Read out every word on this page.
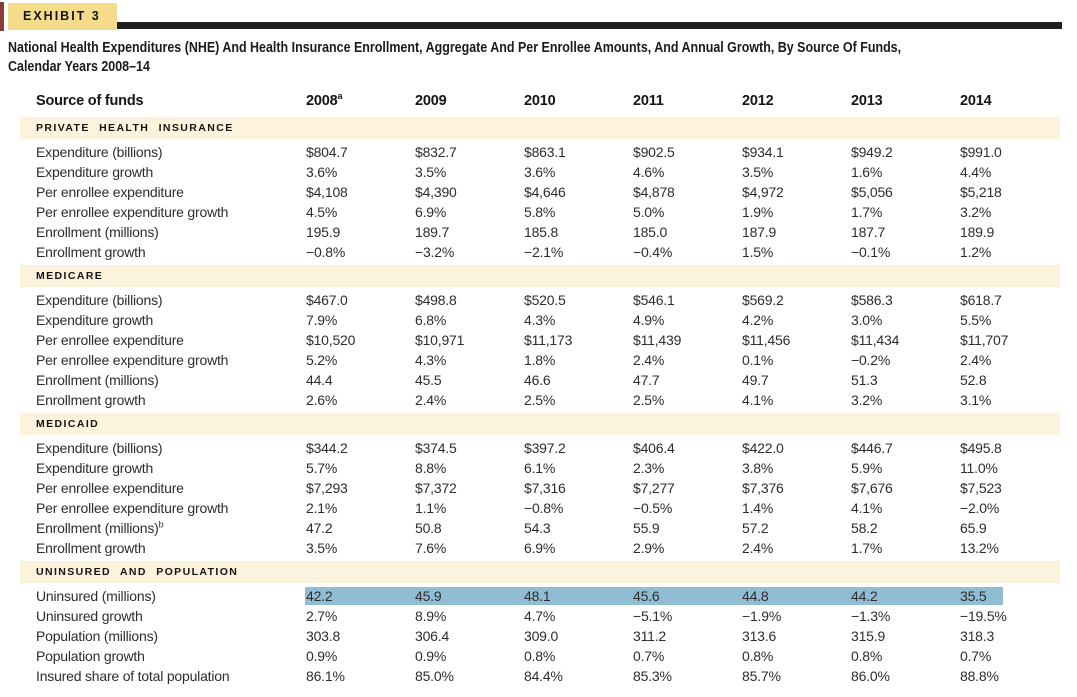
EXHIBIT 3
National Health Expenditures (NHE) And Health Insurance Enrollment, Aggregate And Per Enrollee Amounts, And Annual Growth, By Source Of Funds,
Calendar Years 2008–14
Source of funds	2008$^a$	2009	2010	2011	2012	2013	2014
PRIVATE HEALTH INSURANCE
Expenditure (billions)	$804.7	$832.7	$863.1	$902.5	$934.1	$949.2	$991.0
Expenditure growth	3.6%	3.5%	3.6%	4.6%	3.5%	1.6%	4.4%
Per enrollee expenditure	$4,108	$4,390	$4,646	$4,878	$4,972	$5,056	$5,218
Per enrollee expenditure growth	4.5%	6.9%	5.8%	5.0%	1.9%	1.7%	3.2%
Enrollment (millions)	195.9	189.7	185.8	185.0	187.9	187.7	189.9
Enrollment growth	−0.8%	−3.2%	−2.1%	−0.4%	1.5%	−0.1%	1.2%
MEDICARE
Expenditure (billions)	$467.0	$498.8	$520.5	$546.1	$569.2	$586.3	$618.7
Expenditure growth	7.9%	6.8%	4.3%	4.9%	4.2%	3.0%	5.5%
Per enrollee expenditure	$10,520	$10,971	$11,173	$11,439	$11,456	$11,434	$11,707
Per enrollee expenditure growth	5.2%	4.3%	1.8%	2.4%	0.1%	−0.2%	2.4%
Enrollment (millions)	44.4	45.5	46.6	47.7	49.7	51.3	52.8
Enrollment growth	2.6%	2.4%	2.5%	2.5%	4.1%	3.2%	3.1%
MEDICAID
Expenditure (billions)	$344.2	$374.5	$397.2	$406.4	$422.0	$446.7	$495.8
Expenditure growth	5.7%	8.8%	6.1%	2.3%	3.8%	5.9%	11.0%
Per enrollee expenditure	$7,293	$7,372	$7,316	$7,277	$7,376	$7,676	$7,523
Per enrollee expenditure growth	2.1%	1.1%	−0.8%	−0.5%	1.4%	4.1%	−2.0%
Enrollment (millions)$^b$	47.2	50.8	54.3	55.9	57.2	58.2	65.9
Enrollment growth	3.5%	7.6%	6.9%	2.9%	2.4%	1.7%	13.2%
UNINSURED AND POPULATION
Uninsured (millions)	42.2	45.9	48.1	45.6	44.8	44.2	35.5
Uninsured growth	2.7%	8.9%	4.7%	−5.1%	−1.9%	−1.3%	−19.5%
Population (millions)	303.8	306.4	309.0	311.2	313.6	315.9	318.3
Population growth	0.9%	0.9%	0.8%	0.7%	0.8%	0.8%	0.7%
Insured share of total population	86.1%	85.0%	84.4%	85.3%	85.7%	86.0%	88.8%
